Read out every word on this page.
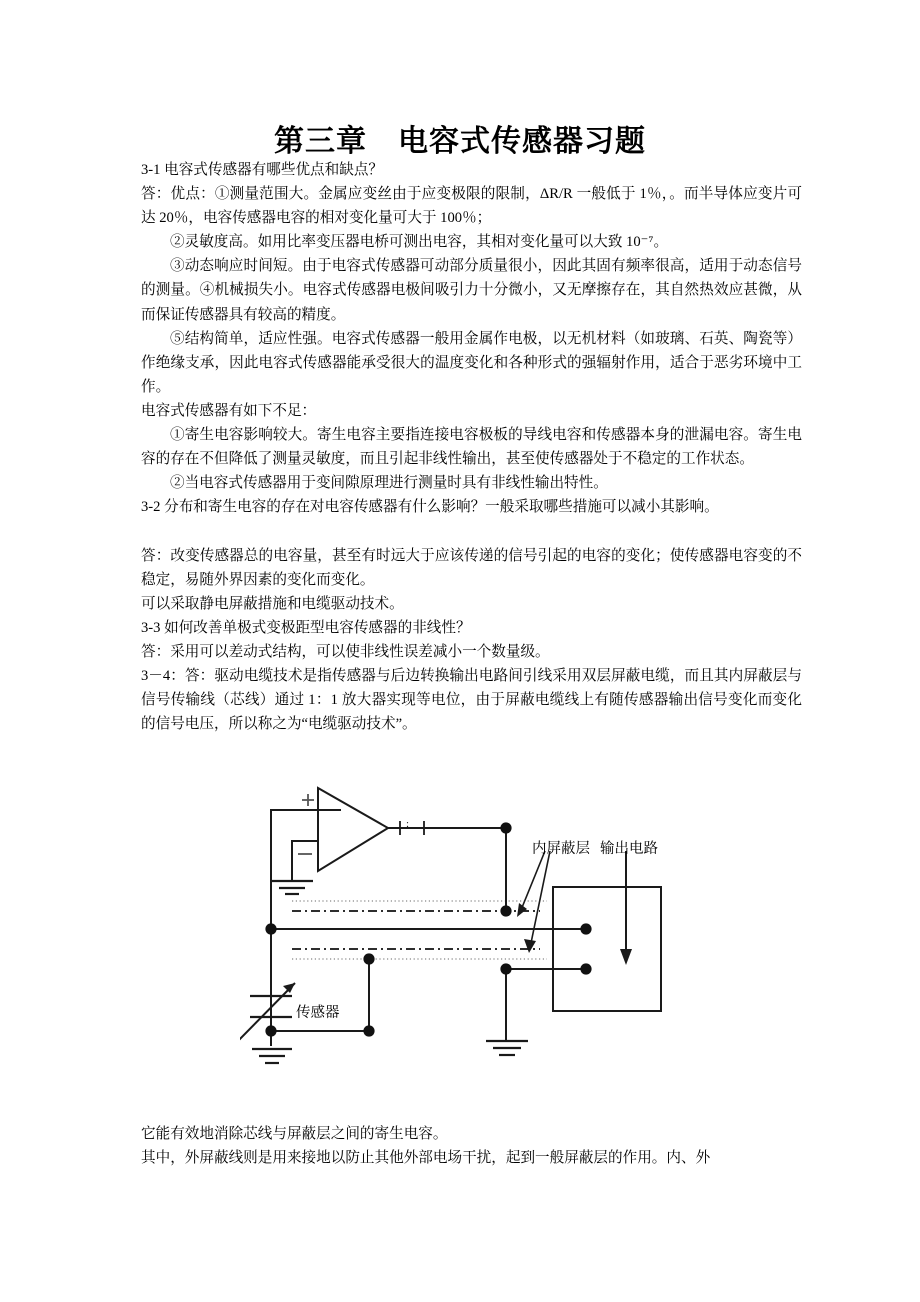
第三章　电容式传感器习题

3-1 电容式传感器有哪些优点和缺点？

答：优点：①测量范围大。金属应变丝由于应变极限的限制，ΔR/R 一般低于 1％，。而半导体应变片可达 20％，电容传感器电容的相对变化量可大于 100％；

②灵敏度高。如用比率变压器电桥可测出电容，其相对变化量可以大致 10⁻⁷。

③动态响应时间短。由于电容式传感器可动部分质量很小，因此其固有频率很高，适用于动态信号的测量。④机械损失小。电容式传感器电极间吸引力十分微小，又无摩擦存在，其自然热效应甚微，从而保证传感器具有较高的精度。

⑤结构简单，适应性强。电容式传感器一般用金属作电极，以无机材料（如玻璃、石英、陶瓷等）作绝缘支承，因此电容式传感器能承受很大的温度变化和各种形式的强辐射作用，适合于恶劣环境中工作。

电容式传感器有如下不足：

①寄生电容影响较大。寄生电容主要指连接电容极板的导线电容和传感器本身的泄漏电容。寄生电容的存在不但降低了测量灵敏度，而且引起非线性输出，甚至使传感器处于不稳定的工作状态。

②当电容式传感器用于变间隙原理进行测量时具有非线性输出特性。

3-2 分布和寄生电容的存在对电容传感器有什么影响？一般采取哪些措施可以减小其影响。

答：改变传感器总的电容量，甚至有时远大于应该传递的信号引起的电容的变化；使传感器电容变的不稳定，易随外界因素的变化而变化。

可以采取静电屏蔽措施和电缆驱动技术。

3-3 如何改善单极式变极距型电容传感器的非线性？

答：采用可以差动式结构，可以使非线性误差减小一个数量级。

3－4：答：驱动电缆技术是指传感器与后边转换输出电路间引线采用双层屏蔽电缆，而且其内屏蔽层与信号传输线（芯线）通过 1：1 放大器实现等电位，由于屏蔽电缆线上有随传感器输出信号变化而变化的信号电压，所以称之为“电缆驱动技术”。

:
内屏蔽层 输出电路
传感器

它能有效地消除芯线与屏蔽层之间的寄生电容。

其中，外屏蔽线则是用来接地以防止其他外部电场干扰，起到一般屏蔽层的作用。内、外
